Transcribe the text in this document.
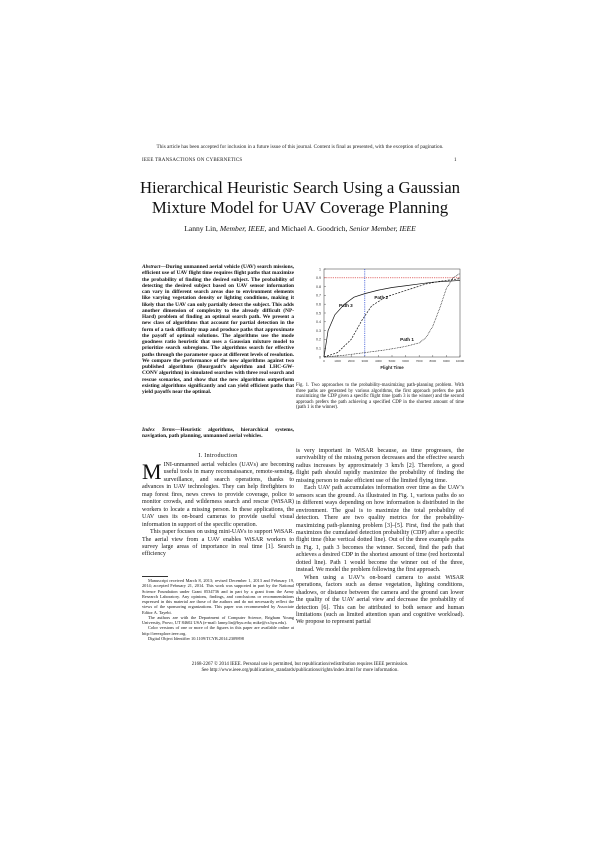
This article has been accepted for inclusion in a future issue of this journal. Content is final as presented, with the exception of pagination.
IEEE TRANSACTIONS ON CYBERNETICS	1
Hierarchical Heuristic Search Using a Gaussian
Mixture Model for UAV Coverage Planning
Lanny Lin, Member, IEEE, and Michael A. Goodrich, Senior Member, IEEE
Abstract—During unmanned aerial vehicle (UAV) search missions, efficient use of UAV flight time requires flight paths that maximize the probability of finding the desired subject. The probability of detecting the desired subject based on UAV sensor information can vary in different search areas due to environment elements like varying vegetation density or lighting conditions, making it likely that the UAV can only partially detect the subject. This adds another dimension of complexity to the already difficult (NP-Hard) problem of finding an optimal search path. We present a new class of algorithms that account for partial detection in the form of a task difficulty map and produce paths that approximate the payoff of optimal solutions. The algorithms use the mode goodness ratio heuristic that uses a Gaussian mixture model to prioritize search subregions. The algorithms search for effective paths through the parameter space at different levels of resolution. We compare the performance of the new algorithms against two published algorithms (Bourgault’s algorithm and LHC-GW-CONV algorithm) in simulated searches with three real search and rescue scenarios, and show that the new algorithms outperform existing algorithms significantly and can yield efficient paths that yield payoffs near the optimal.
Index Terms—Heuristic algorithms, hierarchical systems, navigation, path planning, unmanned aerial vehicles.
I. Introduction

MINI-unmanned aerial vehicles (UAVs) are becoming useful tools in many reconnaissance, remote-sensing, surveillance, and search operations, thanks to advances in UAV technologies. They can help firefighters to map forest fires, news crews to provide coverage, police to monitor crowds, and wilderness search and rescue (WiSAR) workers to locate a missing person. In these applications, the UAV uses its on-board cameras to provide useful visual information in support of the specific operation.

This paper focuses on using mini-UAVs to support WiSAR. The aerial view from a UAV enables WiSAR workers to survey large areas of importance in real time [1]. Search efficiency

Manuscript received March 8, 2013; revised December 1, 2013 and February 19, 2014; accepted February 21, 2014. This work was supported in part by the National Science Foundation under Grant 0534736 and in part by a grant from the Army Research Laboratory. Any opinions, findings, and conclusions or recommendations expressed in this material are those of the authors and do not necessarily reflect the views of the sponsoring organizations. This paper was recommended by Associate Editor A. Tayebi.

The authors are with the Department of Computer Science, Brigham Young University, Provo, UT 84602 USA (e-mail: lanny.lin@byu.edu; mike@cs.byu.edu).

Color versions of one or more of the figures in this paper are available online at http://ieeexplore.ieee.org.

Digital Object Identifier 10.1109/TCYB.2014.2309898

1
0.9
0.8
0.7
0.6
0.5
0.4
0.3
0.2
0.1
0
0	1000 2000 3000 4000 5000 6000 7000 8000 9000 10000
Flight Time
Path 3
Path 2
Path 1
Fig. 1. Two approaches to the probability-maximizing path-planning problem. With three paths are generated by various algorithms, the first approach prefers the path maximizing the CDP given a specific flight time (path 3 is the winner) and the second approach prefers the path achieving a specified CDP in the shortest amount of time (path 1 is the winner).

is very important in WiSAR because, as time progresses, the survivability of the missing person decreases and the effective search radius increases by approximately 3 km/h [2]. Therefore, a good flight path should rapidly maximize the probability of finding the missing person to make efficient use of the limited flying time.

Each UAV path accumulates information over time as the UAV’s sensors scan the ground. As illustrated in Fig. 1, various paths do so in different ways depending on how information is distributed in the environment. The goal is to maximize the total probability of detection. There are two quality metrics for the probability-maximizing path-planning problem [3]–[5]. First, find the path that maximizes the cumulated detection probability (CDP) after a specific flight time (blue vertical dotted line). Out of the three example paths in Fig. 1, path 3 becomes the winner. Second, find the path that achieves a desired CDP in the shortest amount of time (red horizontal dotted line). Path 1 would become the winner out of the three, instead. We model the problem following the first approach.

When using a UAV’s on-board camera to assist WiSAR operations, factors such as dense vegetation, lighting conditions, shadows, or distance between the camera and the ground can lower the quality of the UAV aerial view and decrease the probability of detection [6]. This can be attributed to both sensor and human limitations (such as limited attention span and cognitive workload). We propose to represent partial

2168-2267 © 2014 IEEE. Personal use is permitted, but republication/redistribution requires IEEE permission.
See http://www.ieee.org/publications_standards/publications/rights/index.html for more information.
